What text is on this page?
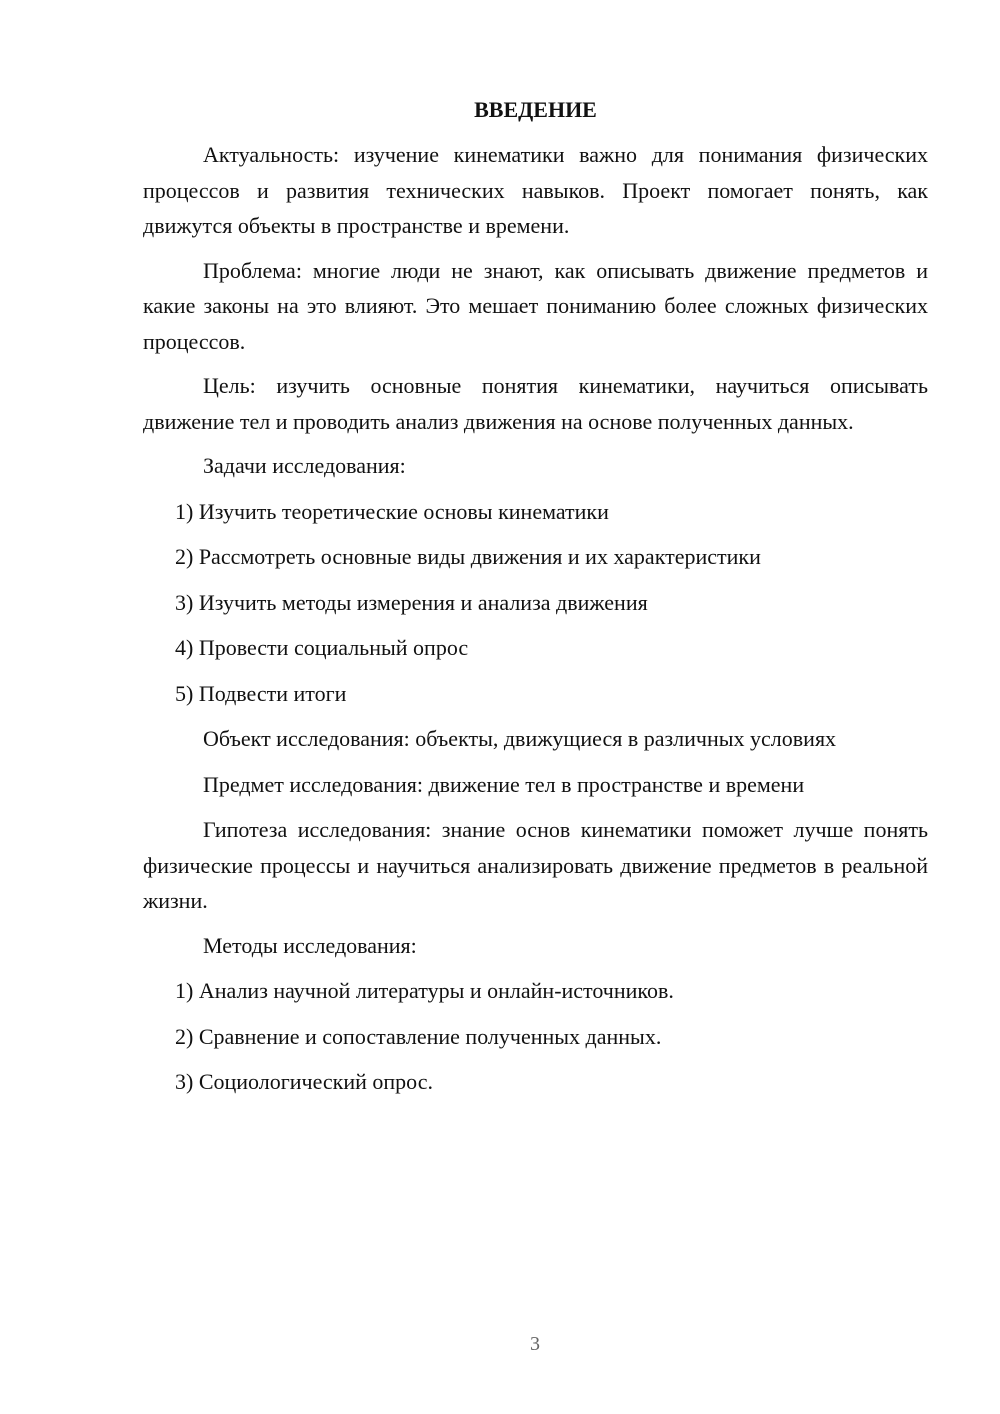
ВВЕДЕНИЕ
Актуальность: изучение кинематики важно для понимания физических процессов и развития технических навыков. Проект помогает понять, как движутся объекты в пространстве и времени.
Проблема: многие люди не знают, как описывать движение предметов и какие законы на это влияют. Это мешает пониманию более сложных физических процессов.
Цель: изучить основные понятия кинематики, научиться описывать движение тел и проводить анализ движения на основе полученных данных.
Задачи исследования:
1) Изучить теоретические основы кинематики
2) Рассмотреть основные виды движения и их характеристики
3) Изучить методы измерения и анализа движения
4) Провести социальный опрос
5) Подвести итоги
Объект исследования: объекты, движущиеся в различных условиях
Предмет исследования: движение тел в пространстве и времени
Гипотеза исследования: знание основ кинематики поможет лучше понять физические процессы и научиться анализировать движение предметов в реальной жизни.
Методы исследования:
1) Анализ научной литературы и онлайн-источников.
2) Сравнение и сопоставление полученных данных.
3) Социологический опрос.
3
